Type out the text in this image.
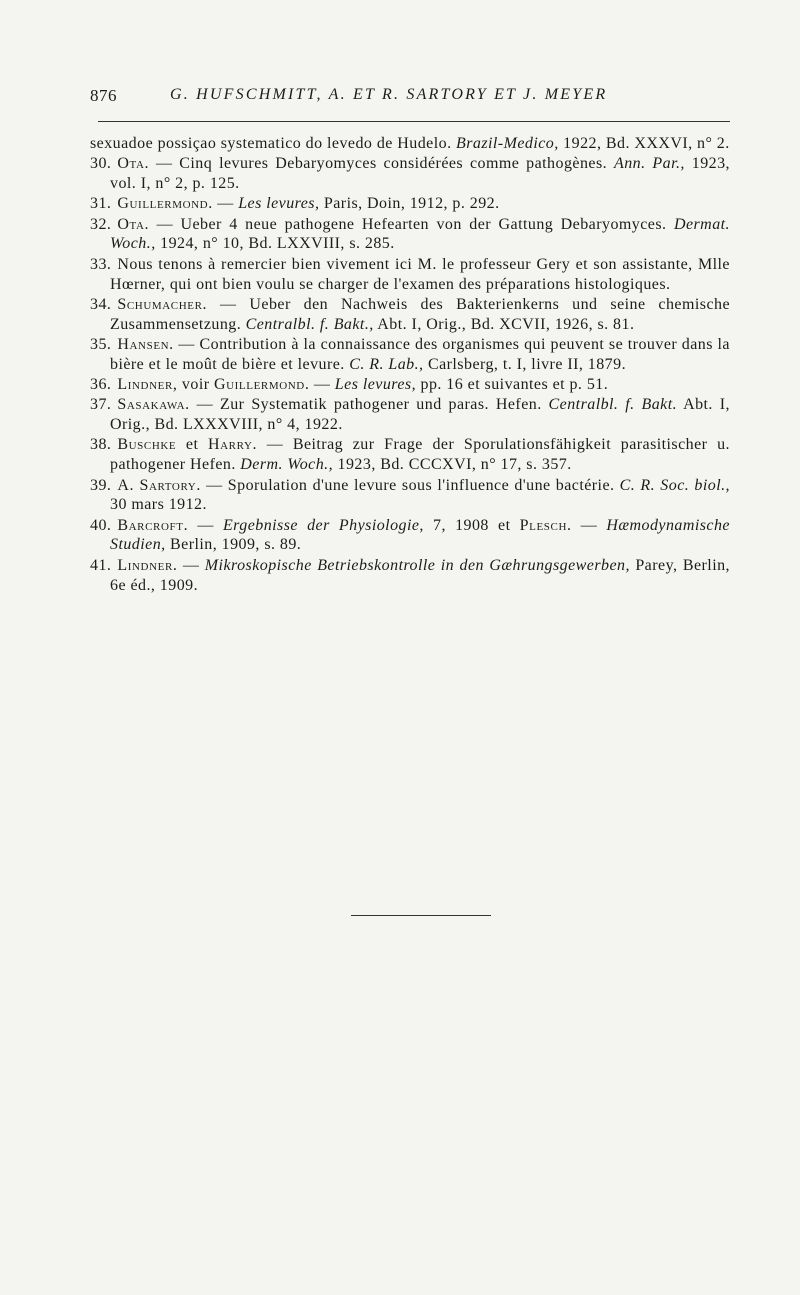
876	G. HUFSCHMITT, A. ET R. SARTORY ET J. MEYER
sexuadoe possiçao systematico do levedo de Hudelo. Brazil-Medico, 1922, Bd. XXXVI, n° 2.
30. Ota. — Cinq levures Debaryomyces considérées comme pathogènes. Ann. Par., 1923, vol. I, n° 2, p. 125.
31. Guillermond. — Les levures, Paris, Doin, 1912, p. 292.
32. Ota. — Ueber 4 neue pathogene Hefearten von der Gattung Debaryomyces. Dermat. Woch., 1924, n° 10, Bd. LXXVIII, s. 285.
33. Nous tenons à remercier bien vivement ici M. le professeur Gery et son assistante, Mlle Hœrner, qui ont bien voulu se charger de l'examen des préparations histologiques.
34. Schumacher. — Ueber den Nachweis des Bakterienkerns und seine chemische Zusammensetzung. Centralbl. f. Bakt., Abt. I, Orig., Bd. XCVII, 1926, s. 81.
35. Hansen. — Contribution à la connaissance des organismes qui peuvent se trouver dans la bière et le moût de bière et levure. C. R. Lab., Carlsberg, t. I, livre II, 1879.
36. Lindner, voir Guillermond. — Les levures, pp. 16 et suivantes et p. 51.
37. Sasakawa. — Zur Systematik pathogener und paras. Hefen. Centralbl. f. Bakt. Abt. I, Orig., Bd. LXXXVIII, n° 4, 1922.
38. Buschke et Harry. — Beitrag zur Frage der Sporulationsfähigkeit parasitischer u. pathogener Hefen. Derm. Woch., 1923, Bd. CCCXVI, n° 17, s. 357.
39. A. Sartory. — Sporulation d'une levure sous l'influence d'une bactérie. C. R. Soc. biol., 30 mars 1912.
40. Barcroft. — Ergebnisse der Physiologie, 7, 1908 et Plesch. — Hæmodynamische Studien, Berlin, 1909, s. 89.
41. Lindner. — Mikroskopische Betriebskontrolle in den Gæhrungsgewerben, Parey, Berlin, 6e éd., 1909.
